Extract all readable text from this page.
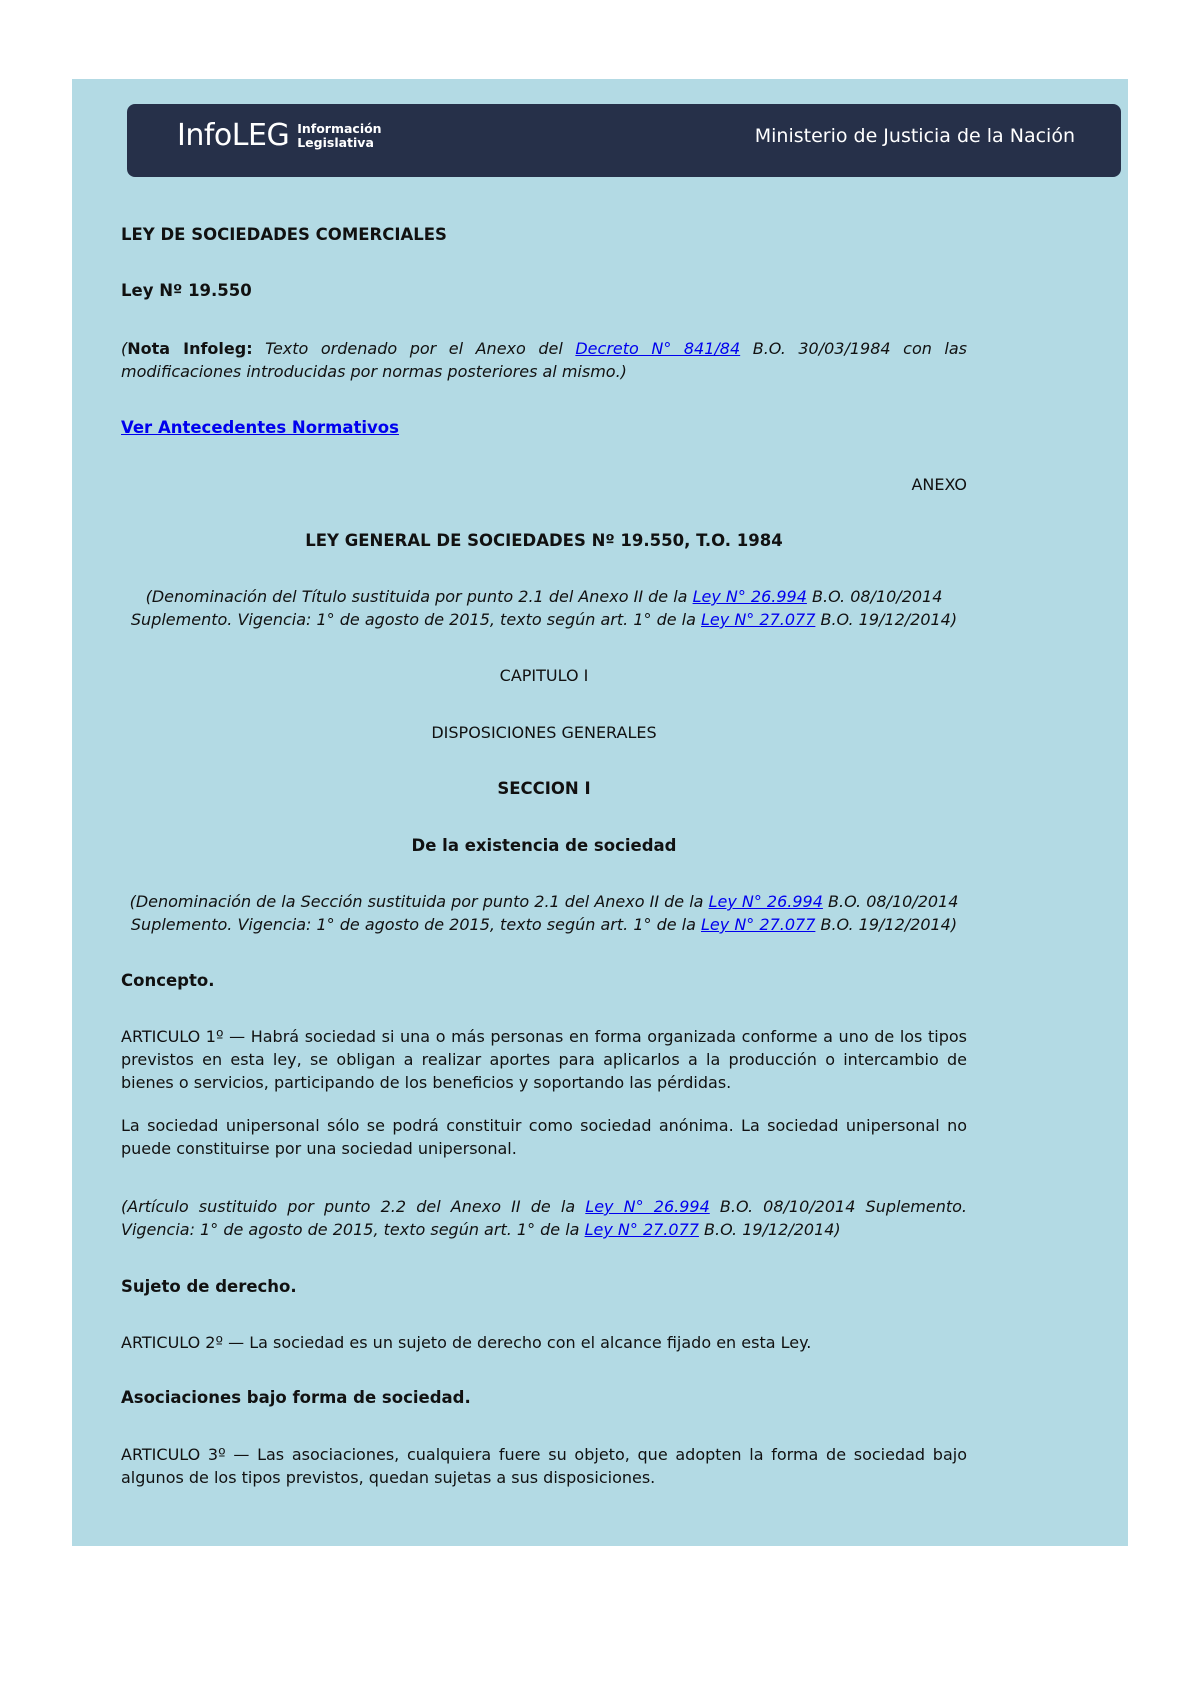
InfoLEG Información
Legislativa	Ministerio de Justicia de la Nación
LEY DE SOCIEDADES COMERCIALES
Ley Nº 19.550
(Nota Infoleg: Texto ordenado por el Anexo del Decreto N° 841/84 B.O. 30/03/1984 con las modificaciones introducidas por normas posteriores al mismo.)
Ver Antecedentes Normativos
ANEXO
LEY GENERAL DE SOCIEDADES Nº 19.550, T.O. 1984
(Denominación del Título sustituida por punto 2.1 del Anexo II de la Ley N° 26.994 B.O. 08/10/2014 Suplemento. Vigencia: 1° de agosto de 2015, texto según art. 1° de la Ley N° 27.077 B.O. 19/12/2014)
CAPITULO I
DISPOSICIONES GENERALES
SECCION I
De la existencia de sociedad
(Denominación de la Sección sustituida por punto 2.1 del Anexo II de la Ley N° 26.994 B.O. 08/10/2014 Suplemento. Vigencia: 1° de agosto de 2015, texto según art. 1° de la Ley N° 27.077 B.O. 19/12/2014)
Concepto.
ARTICULO 1º — Habrá sociedad si una o más personas en forma organizada conforme a uno de los tipos previstos en esta ley, se obligan a realizar aportes para aplicarlos a la producción o intercambio de bienes o servicios, participando de los beneficios y soportando las pérdidas.
La sociedad unipersonal sólo se podrá constituir como sociedad anónima. La sociedad unipersonal no puede constituirse por una sociedad unipersonal.
(Artículo sustituido por punto 2.2 del Anexo II de la Ley N° 26.994 B.O. 08/10/2014 Suplemento. Vigencia: 1° de agosto de 2015, texto según art. 1° de la Ley N° 27.077 B.O. 19/12/2014)
Sujeto de derecho.
ARTICULO 2º — La sociedad es un sujeto de derecho con el alcance fijado en esta Ley.
Asociaciones bajo forma de sociedad.
ARTICULO 3º — Las asociaciones, cualquiera fuere su objeto, que adopten la forma de sociedad bajo algunos de los tipos previstos, quedan sujetas a sus disposiciones.
